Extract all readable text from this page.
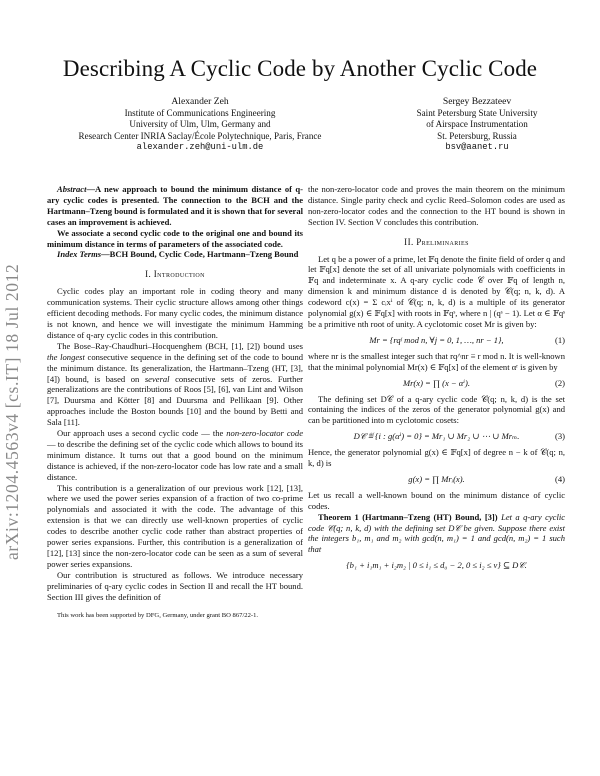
Describing A Cyclic Code by Another Cyclic Code
Alexander Zeh
Institute of Communications Engineering
University of Ulm, Ulm, Germany and
Research Center INRIA Saclay/École Polytechnique, Paris, France
alexander.zeh@uni-ulm.de
Sergey Bezzateev
Saint Petersburg State University
of Airspace Instrumentation
St. Petersburg, Russia
bsv@aanet.ru
arXiv:1204.4563v4 [cs.IT] 18 Jul 2012

Abstract—A new approach to bound the minimum distance of q-ary cyclic codes is presented. The connection to the BCH and the Hartmann–Tzeng bound is formulated and it is shown that for several cases an improvement is achieved.

We associate a second cyclic code to the original one and bound its minimum distance in terms of parameters of the associated code.

Index Terms—BCH Bound, Cyclic Code, Hartmann–Tzeng Bound

I. Introduction

Cyclic codes play an important role in coding theory and many communication systems. Their cyclic structure allows among other things efficient decoding methods. For many cyclic codes, the minimum distance is not known, and hence we will investigate the minimum Hamming distance of q-ary cyclic codes in this contribution.

The Bose–Ray-Chaudhuri–Hocquenghem (BCH, [1], [2]) bound uses the longest consecutive sequence in the defining set of the code to bound the minimum distance. Its generalization, the Hartmann–Tzeng (HT, [3], [4]) bound, is based on several consecutive sets of zeros. Further generalizations are the contributions of Roos [5], [6], van Lint and Wilson [7], Duursma and Kötter [8] and Duursma and Pellikaan [9]. Other approaches include the Boston bounds [10] and the bound by Betti and Sala [11].

Our approach uses a second cyclic code — the non-zero-locator code — to describe the defining set of the cyclic code which allows to bound its minimum distance. It turns out that a good bound on the minimum distance is achieved, if the non-zero-locator code has low rate and a small distance.

This contribution is a generalization of our previous work [12], [13], where we used the power series expansion of a fraction of two co-prime polynomials and associated it with the code. The advantage of this extension is that we can directly use well-known properties of cyclic codes to describe another cyclic code rather than abstract properties of power series expansions. Further, this contribution is a generalization of [12], [13] since the non-zero-locator code can be seen as a sum of several power series expansions.

Our contribution is structured as follows. We introduce necessary preliminaries of q-ary cyclic codes in Section II and recall the HT bound. Section III gives the definition of

This work has been supported by DFG, Germany, under grant BO 867/22-1.

the non-zero-locator code and proves the main theorem on the minimum distance. Single parity check and cyclic Reed–Solomon codes are used as non-zero-locator codes and the connection to the HT bound is shown in Section IV. Section V concludes this contribution.

II. Preliminaries

Let q be a power of a prime, let 𝔽q denote the finite field of order q and let 𝔽q[x] denote the set of all univariate polynomials with coefficients in 𝔽q and indeterminate x. A q-ary cyclic code 𝒞 over 𝔽q of length n, dimension k and minimum distance d is denoted by 𝒞(q; n, k, d). A codeword c(x) = Σ cᵢxⁱ of 𝒞(q; n, k, d) is a multiple of its generator polynomial g(x) ∈ 𝔽q[x] with roots in 𝔽qˢ, where n | (qˢ − 1). Let α ∈ 𝔽qˢ be a primitive nth root of unity. A cyclotomic coset Mr is given by:

Mr = {rqʲ mod n, ∀j = 0, 1, …, nr − 1},	(1)

where nr is the smallest integer such that rq^nr ≡ r mod n. It is well-known that the minimal polynomial Mr(x) ∈ 𝔽q[x] of the element αʳ is given by

Mr(x) = ∏ (x − αⁱ).	(2)

The defining set D𝒞 of a q-ary cyclic code 𝒞(q; n, k, d) is the set containing the indices of the zeros of the generator polynomial g(x) and can be partitioned into m cyclotomic cosets:

D𝒞 ≝ {i : g(αⁱ) = 0} = Mr₁ ∪ Mr₂ ∪ ⋯ ∪ Mrₘ.	(3)

Hence, the generator polynomial g(x) ∈ 𝔽q[x] of degree n − k of 𝒞(q; n, k, d) is

g(x) = ∏ Mrᵢ(x).	(4)

Let us recall a well-known bound on the minimum distance of cyclic codes.

Theorem 1 (Hartmann–Tzeng (HT) Bound, [3]) Let a q-ary cyclic code 𝒞(q; n, k, d) with the defining set D𝒞 be given. Suppose there exist the integers b₁, m₁ and m₂ with gcd(n, m₁) = 1 and gcd(n, m₂) = 1 such that

{b₁ + i₁m₁ + i₂m₂ | 0 ≤ i₁ ≤ d₀ − 2, 0 ≤ i₂ ≤ ν} ⊆ D𝒞.
